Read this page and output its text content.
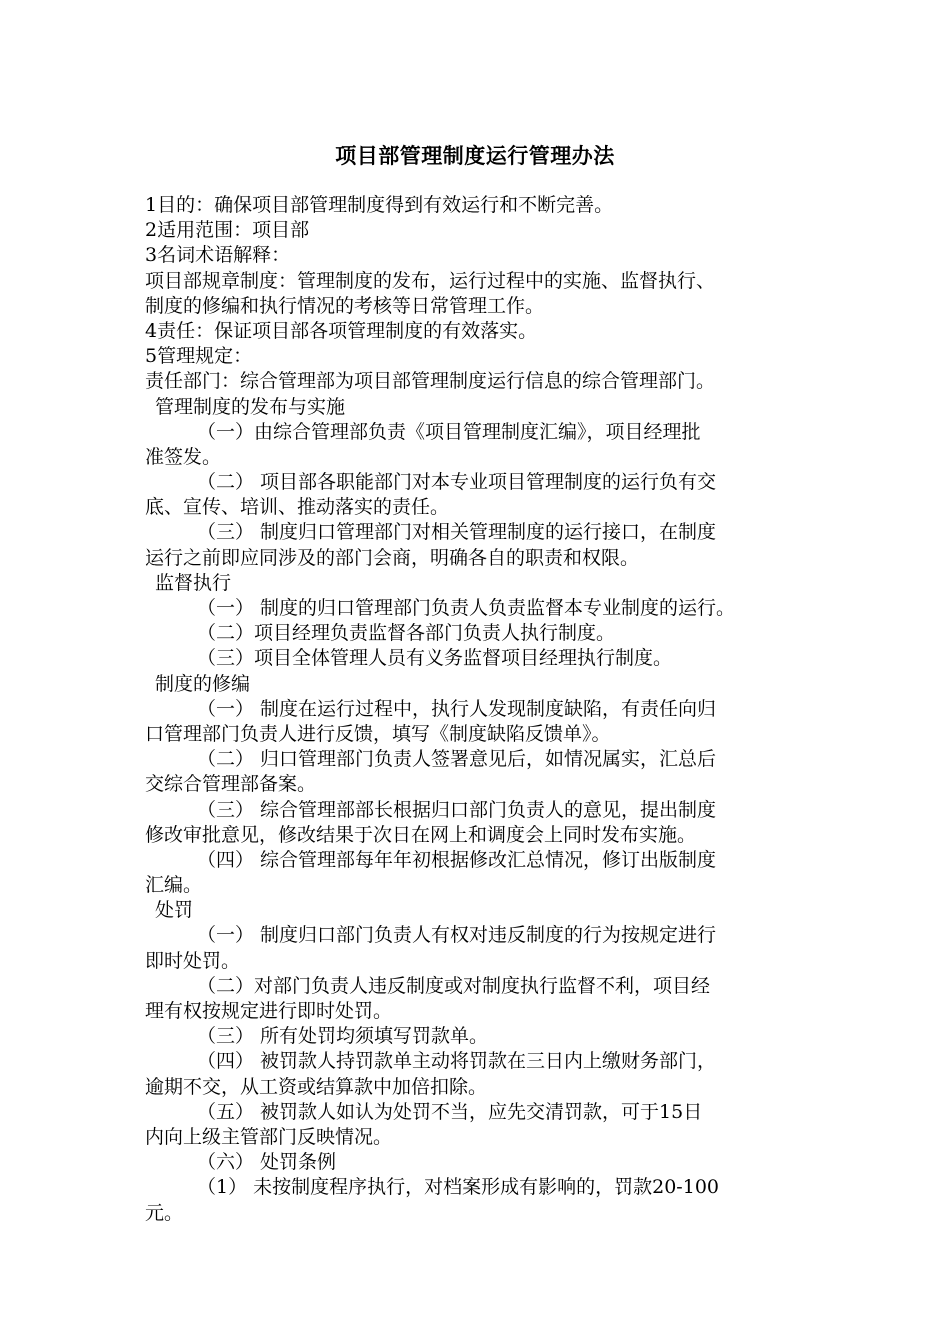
项目部管理制度运行管理办法
1目的：确保项目部管理制度得到有效运行和不断完善。
2适用范围：项目部
3名词术语解释：
项目部规章制度：管理制度的发布，运行过程中的实施、监督执行、
制度的修编和执行情况的考核等日常管理工作。
4责任：保证项目部各项管理制度的有效落实。
5管理规定：
责任部门：综合管理部为项目部管理制度运行信息的综合管理部门。
管理制度的发布与实施
（一）由综合管理部负责《项目管理制度汇编》，项目经理批
准签发。
（二） 项目部各职能部门对本专业项目管理制度的运行负有交
底、宣传、培训、推动落实的责任。
（三） 制度归口管理部门对相关管理制度的运行接口，在制度
运行之前即应同涉及的部门会商，明确各自的职责和权限。
监督执行
（一） 制度的归口管理部门负责人负责监督本专业制度的运行。
（二）项目经理负责监督各部门负责人执行制度。
（三）项目全体管理人员有义务监督项目经理执行制度。
制度的修编
（一） 制度在运行过程中，执行人发现制度缺陷，有责任向归
口管理部门负责人进行反馈，填写《制度缺陷反馈单》。
（二） 归口管理部门负责人签署意见后，如情况属实，汇总后
交综合管理部备案。
（三） 综合管理部部长根据归口部门负责人的意见，提出制度
修改审批意见，修改结果于次日在网上和调度会上同时发布实施。
（四） 综合管理部每年年初根据修改汇总情况，修订出版制度
汇编。
处罚
（一） 制度归口部门负责人有权对违反制度的行为按规定进行
即时处罚。
（二）对部门负责人违反制度或对制度执行监督不利，项目经
理有权按规定进行即时处罚。
（三） 所有处罚均须填写罚款单。
（四） 被罚款人持罚款单主动将罚款在三日内上缴财务部门，
逾期不交，从工资或结算款中加倍扣除。
（五） 被罚款人如认为处罚不当，应先交清罚款，可于15日
内向上级主管部门反映情况。
（六） 处罚条例
（1） 未按制度程序执行，对档案形成有影响的，罚款20-100
元。
